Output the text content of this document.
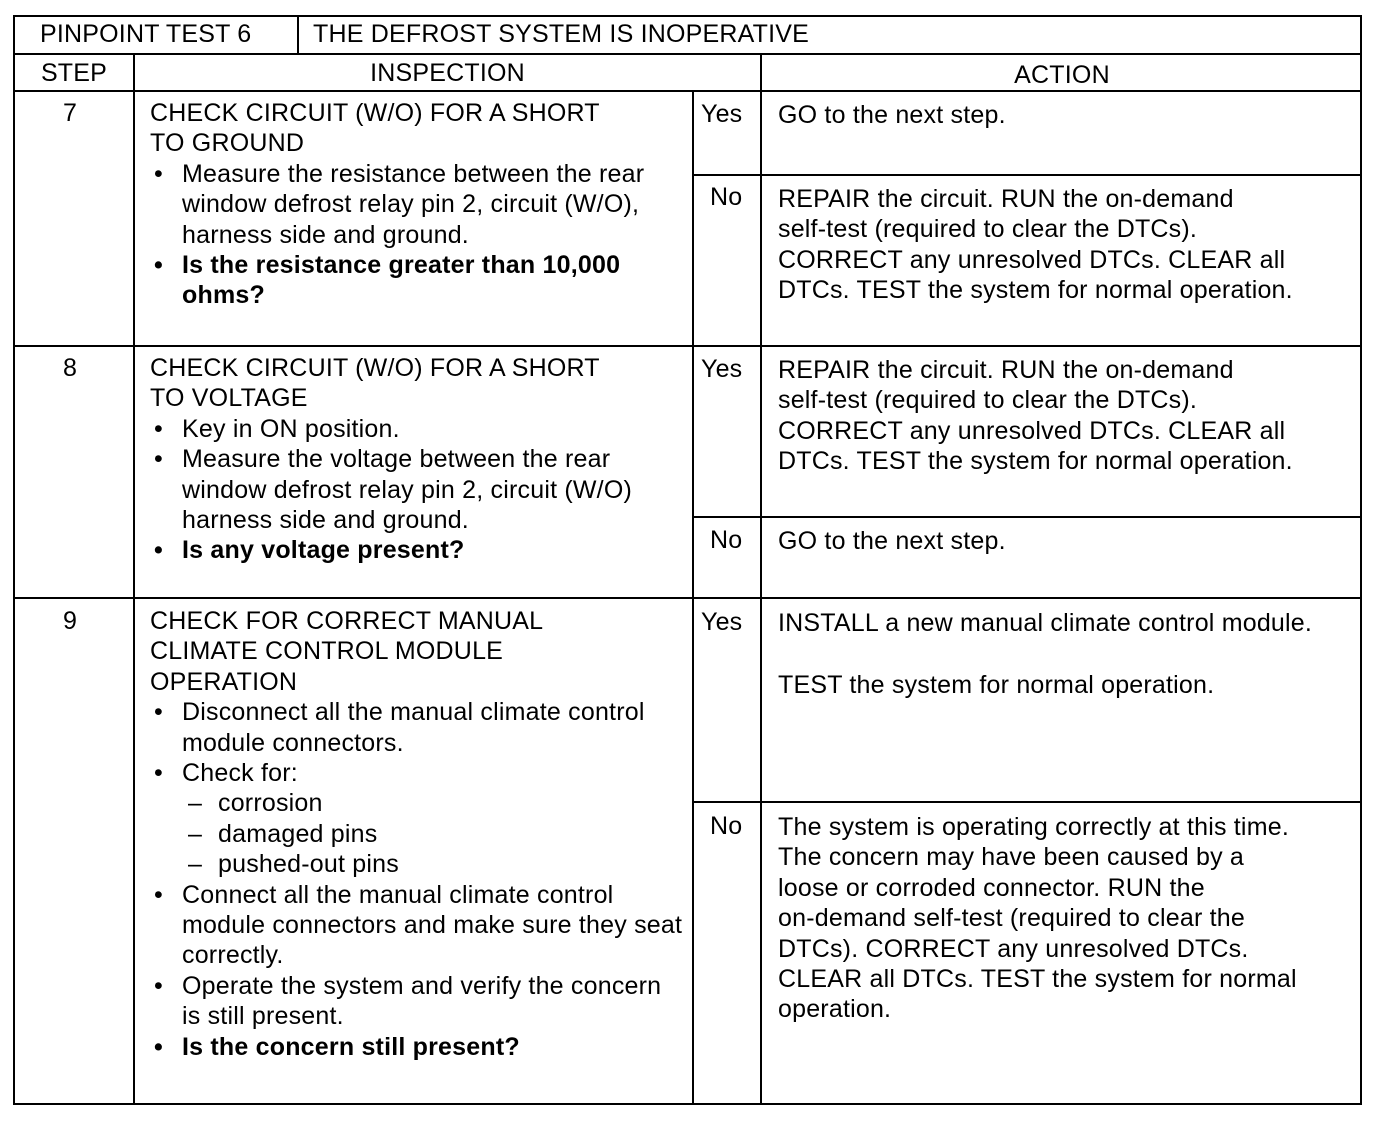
PINPOINT TEST 6 THE DEFROST SYSTEM IS INOPERATIVE
STEP	INSPECTION	ACTION
7	CHECK CIRCUIT (W/O) FOR A SHORT
TO GROUND
• Measure the resistance between the rear window defrost relay pin 2, circuit (W/O), harness side and ground.
• Is the resistance greater than 10,000 ohms?
Yes GO to the next step.
No REPAIR the circuit. RUN the on-demand
self-test (required to clear the DTCs).
CORRECT any unresolved DTCs. CLEAR all
DTCs. TEST the system for normal operation.
8	CHECK CIRCUIT (W/O) FOR A SHORT
TO VOLTAGE
• Key in ON position.
• Measure the voltage between the rear window defrost relay pin 2, circuit (W/O) harness side and ground.
• Is any voltage present?
Yes REPAIR the circuit. RUN the on-demand
self-test (required to clear the DTCs).
CORRECT any unresolved DTCs. CLEAR all
DTCs. TEST the system for normal operation.
No GO to the next step.
9	CHECK FOR CORRECT MANUAL
CLIMATE CONTROL MODULE
OPERATION
• Disconnect all the manual climate control module connectors.
• Check for:
– corrosion
– damaged pins
– pushed-out pins
• Connect all the manual climate control module connectors and make sure they seat correctly.
• Operate the system and verify the concern is still present.
• Is the concern still present?
Yes INSTALL a new manual climate control module.
TEST the system for normal operation.
No The system is operating correctly at this time.
The concern may have been caused by a
loose or corroded connector. RUN the
on-demand self-test (required to clear the
DTCs). CORRECT any unresolved DTCs.
CLEAR all DTCs. TEST the system for normal
operation.
